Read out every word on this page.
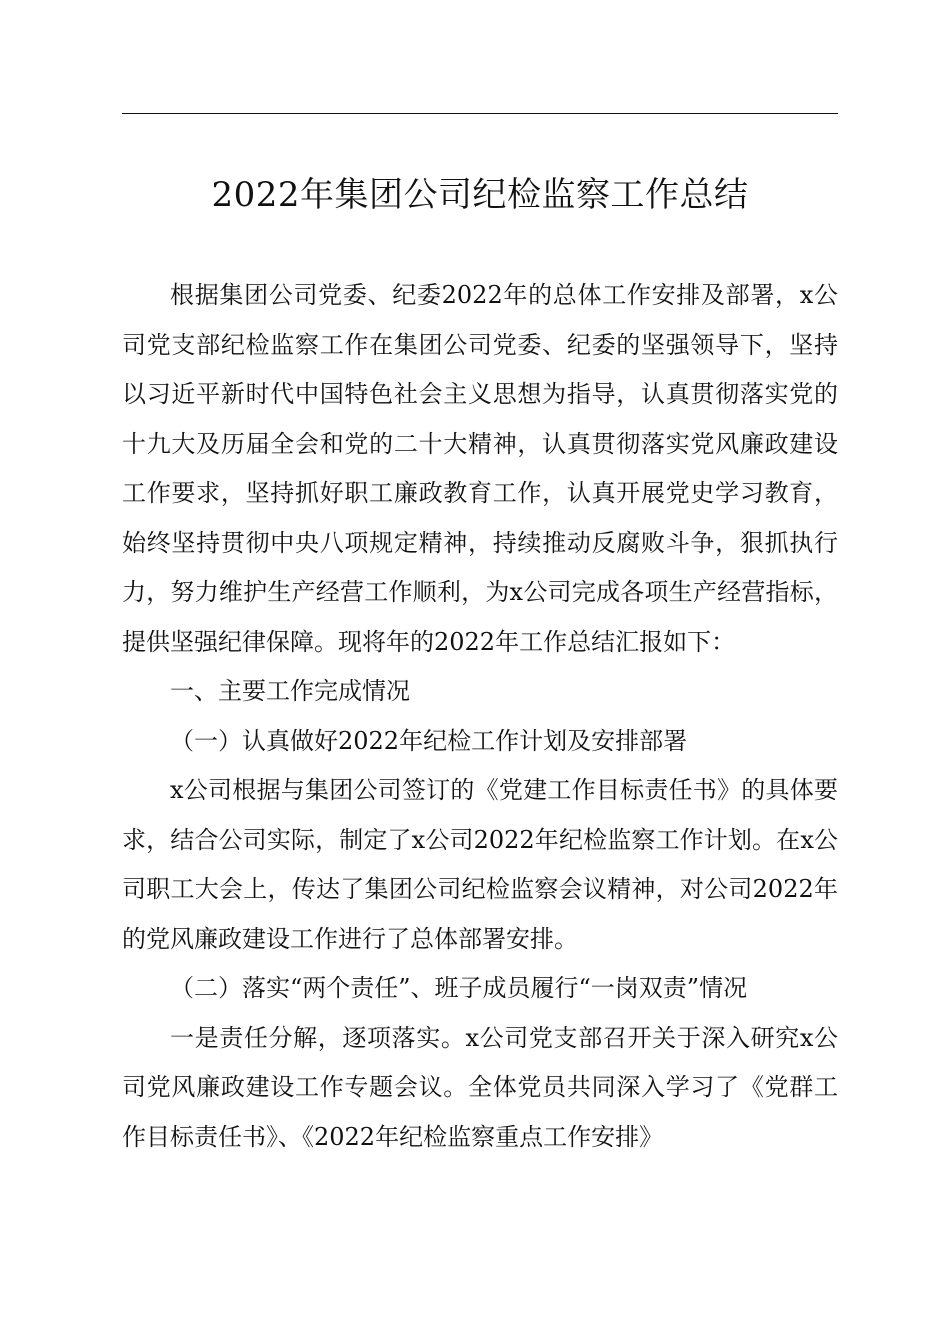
2022年集团公司纪检监察工作总结

根据集团公司党委、纪委2022年的总体工作安排及部署，x公司党支部纪检监察工作在集团公司党委、纪委的坚强领导下，坚持以习近平新时代中国特色社会主义思想为指导，认真贯彻落实党的十九大及历届全会和党的二十大精神，认真贯彻落实党风廉政建设工作要求，坚持抓好职工廉政教育工作，认真开展党史学习教育，始终坚持贯彻中央八项规定精神，持续推动反腐败斗争，狠抓执行力，努力维护生产经营工作顺利，为x公司完成各项生产经营指标，提供坚强纪律保障。现将年的2022年工作总结汇报如下：

一、主要工作完成情况

（一）认真做好2022年纪检工作计划及安排部署

x公司根据与集团公司签订的《党建工作目标责任书》的具体要求，结合公司实际，制定了x公司2022年纪检监察工作计划。在x公司职工大会上，传达了集团公司纪检监察会议精神，对公司2022年的党风廉政建设工作进行了总体部署安排。

（二）落实“两个责任”、班子成员履行“一岗双责”情况

一是责任分解，逐项落实。x公司党支部召开关于深入研究x公司党风廉政建设工作专题会议。全体党员共同深入学习了《党群工作目标责任书》、《2022年纪检监察重点工作安排》
